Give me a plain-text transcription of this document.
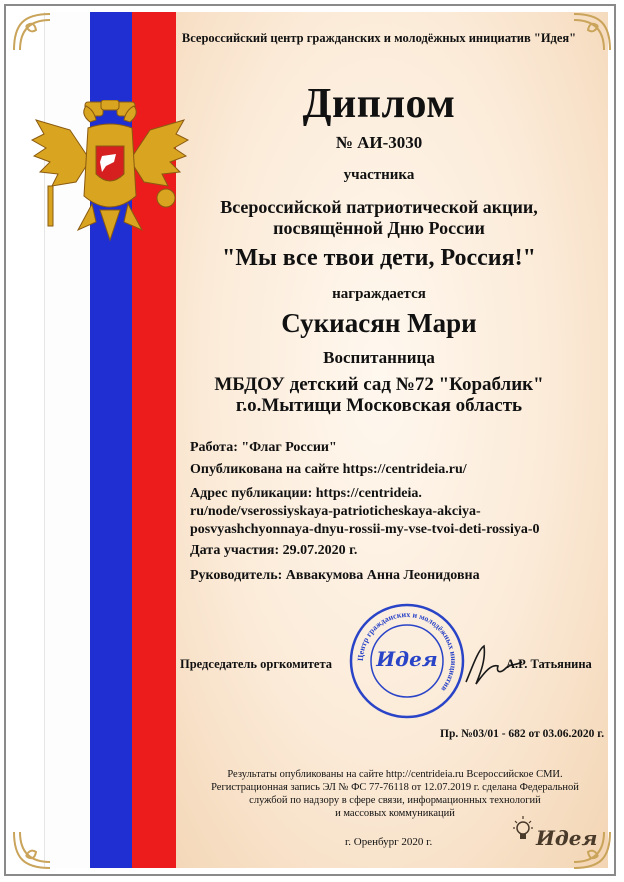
Всероссийский центр гражданских и молодёжных инициатив "Идея"
Диплом
№ АИ-3030
участника
Всероссийской патриотической акции,
посвящённой Дню России
"Мы все твои дети, Россия!"
награждается
Сукиасян Мари
Воспитанница
МБДОУ детский сад №72 "Кораблик"
г.о.Мытищи Московская область
Работа: "Флаг России"
Опубликована на сайте https://centrideia.ru/
Адрес публикации: https://centrideia.
ru/node/vserossiyskaya-patrioticheskaya-akciya-
posvyashchyonnaya-dnyu-rossii-my-vse-tvoi-deti-rossiya-0
Дата участия: 29.07.2020 г.
Руководитель: Аввакумова Анна Леонидовна
Центр гражданских и молодёжных инициатив
Идея
Председатель оргкомитета	А.Р. Татьянина
Пр. №03/01 - 682 от 03.06.2020 г.
Результаты опубликованы на сайте http://centrideia.ru Всероссийское СМИ.
Регистрационная запись ЭЛ № ФС 77-76118 от 12.07.2019 г. сделана Федеральной
службой по надзору в сфере связи, информационных технологий
и массовых коммуникаций
г. Оренбург 2020 г.	Идея
